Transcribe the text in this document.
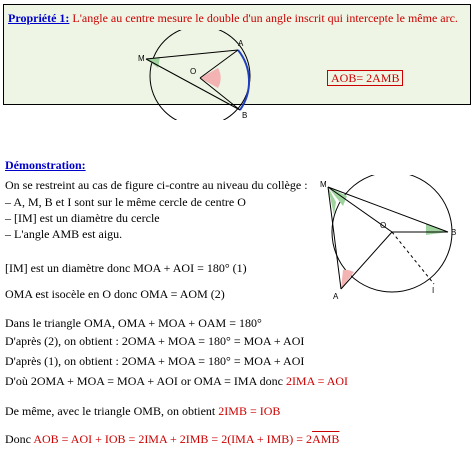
Propriété 1: L'angle au centre mesure le double d'un angle inscrit qui intercepte le même arc.
M
A
O
B
$\overline{AOB}= 2\overline{AMB}$
Démonstration:
On se restreint au cas de figure ci-contre au niveau du collège :
– A, M, B et I sont sur le même cercle de centre O
– [IM] est un diamètre du cercle
– L'angle AMB est aigu.
[IM] est un diamètre donc MOA + AOI = 180° (1)
OMA est isocèle en O donc OMA = AOM (2)
Dans le triangle OMA, OMA + MOA + OAM = 180°
D'après (2), on obtient : 2OMA + MOA = 180° = MOA + AOI
D'après (1), on obtient : 2OMA + MOA = 180° = MOA + AOI
D'où 2OMA + MOA = MOA + AOI or OMA = IMA donc 2IMA = AOI
De même, avec le triangle OMB, on obtient 2IMB = IOB
Donc AOB = AOI + IOB = $2IMA + 2IMB = 2(IMA + IMB) = 2\overline{AMB}$
M
O
B
A
I
